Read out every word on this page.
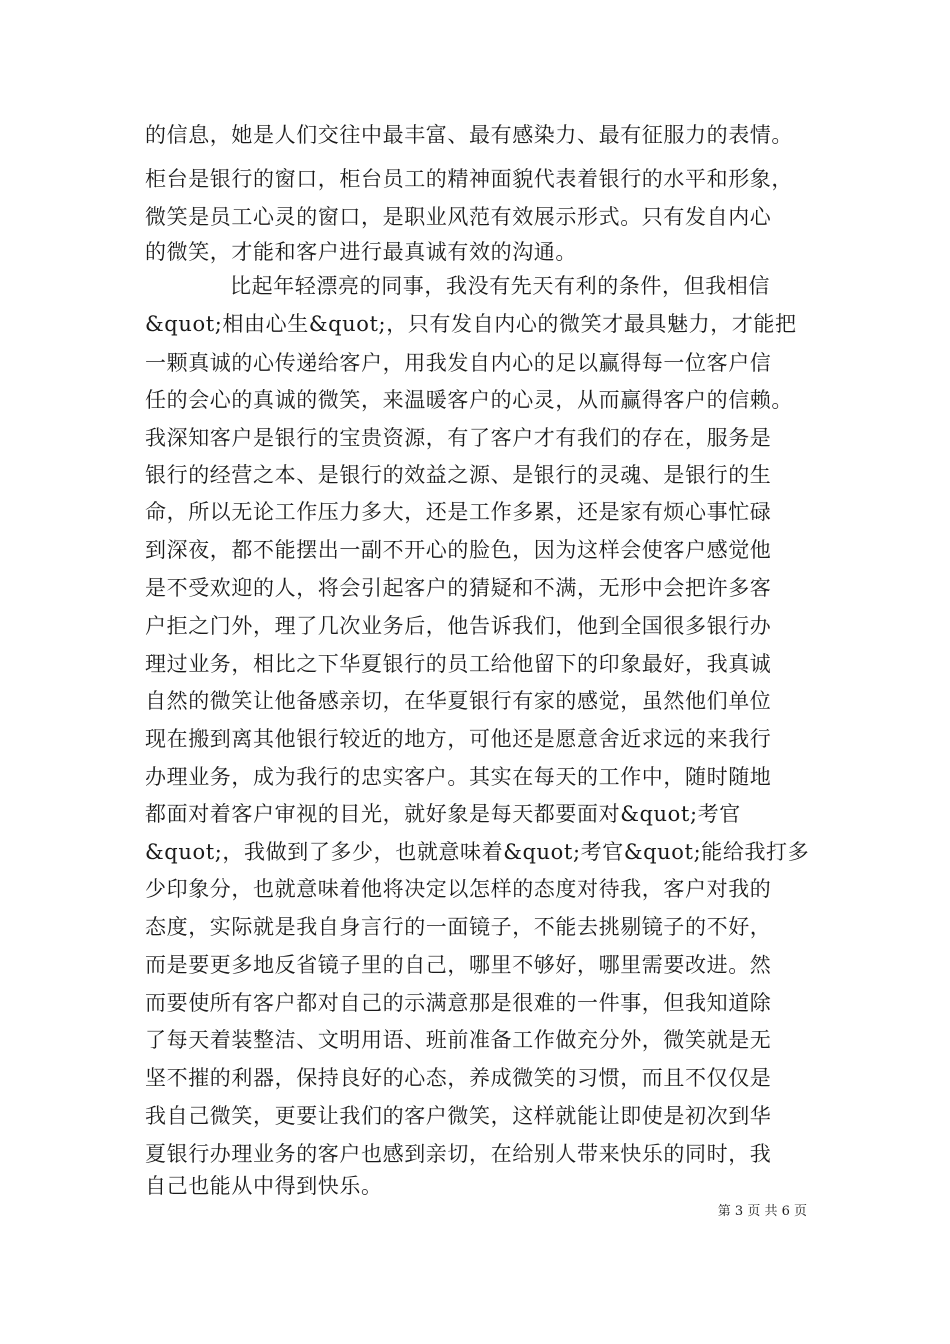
的信息，她是人们交往中最丰富、最有感染力、最有征服力的表情。
柜台是银行的窗口，柜台员工的精神面貌代表着银行的水平和形象，
微笑是员工心灵的窗口，是职业风范有效展示形式。只有发自内心
的微笑，才能和客户进行最真诚有效的沟通。
比起年轻漂亮的同事，我没有先天有利的条件，但我相信
&quot;相由心生&quot;，只有发自内心的微笑才最具魅力，才能把
一颗真诚的心传递给客户，用我发自内心的足以赢得每一位客户信
任的会心的真诚的微笑，来温暖客户的心灵，从而赢得客户的信赖。
我深知客户是银行的宝贵资源，有了客户才有我们的存在，服务是
银行的经营之本、是银行的效益之源、是银行的灵魂、是银行的生
命，所以无论工作压力多大，还是工作多累，还是家有烦心事忙碌
到深夜，都不能摆出一副不开心的脸色，因为这样会使客户感觉他
是不受欢迎的人，将会引起客户的猜疑和不满，无形中会把许多客
户拒之门外，理了几次业务后，他告诉我们，他到全国很多银行办
理过业务，相比之下华夏银行的员工给他留下的印象最好，我真诚
自然的微笑让他备感亲切，在华夏银行有家的感觉，虽然他们单位
现在搬到离其他银行较近的地方，可他还是愿意舍近求远的来我行
办理业务，成为我行的忠实客户。其实在每天的工作中，随时随地
都面对着客户审视的目光，就好象是每天都要面对&quot;考官
&quot;，我做到了多少，也就意味着&quot;考官&quot;能给我打多
少印象分，也就意味着他将决定以怎样的态度对待我，客户对我的
态度，实际就是我自身言行的一面镜子，不能去挑剔镜子的不好，
而是要更多地反省镜子里的自己，哪里不够好，哪里需要改进。然
而要使所有客户都对自己的示满意那是很难的一件事，但我知道除
了每天着装整洁、文明用语、班前准备工作做充分外，微笑就是无
坚不摧的利器，保持良好的心态，养成微笑的习惯，而且不仅仅是
我自己微笑，更要让我们的客户微笑，这样就能让即使是初次到华
夏银行办理业务的客户也感到亲切，在给别人带来快乐的同时，我
自己也能从中得到快乐。
第 3 页 共 6 页
